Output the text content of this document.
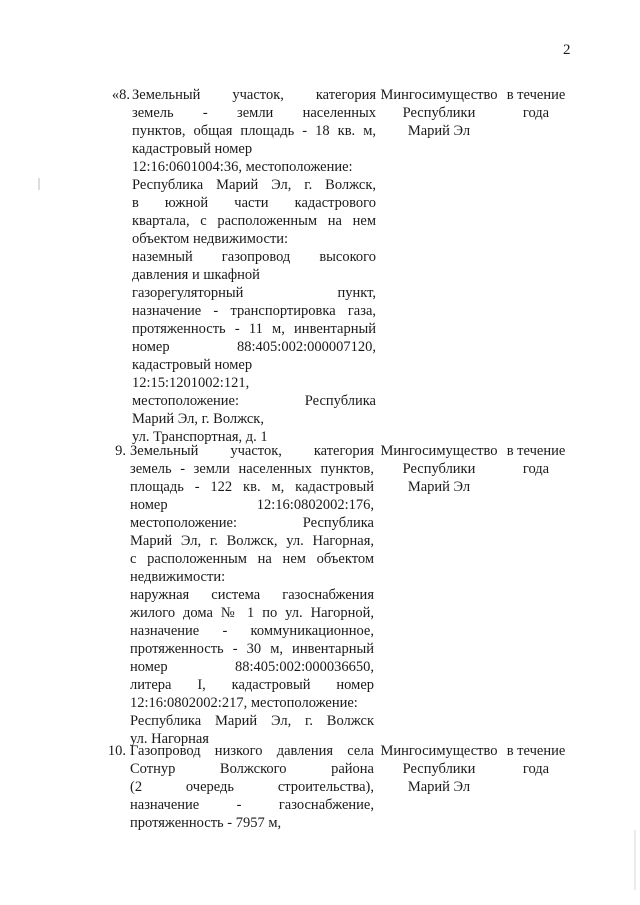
2
«8. Земельный участок, категория
земель - земли населенных
пунктов, общая площадь - 18 кв. м,
кадастровый номер
12:16:0601004:36, местоположение:
Республика Марий Эл, г. Волжск,
в южной части кадастрового
квартала, с расположенным на нем
объектом недвижимости:
наземный газопровод высокого
давления и шкафной
газорегуляторный пункт,
назначение - транспортировка газа,
протяженность - 11 м, инвентарный
номер 88:405:002:000007120,
кадастровый номер
12:15:1201002:121,
местоположение: Республика
Марий Эл, г. Волжск,
ул. Транспортная, д. 1
Мингосимущество
Республики
Марий Эл
в течение
года
9. Земельный участок, категория
земель - земли населенных пунктов,
площадь - 122 кв. м, кадастровый
номер 12:16:0802002:176,
местоположение: Республика
Марий Эл, г. Волжск, ул. Нагорная,
с расположенным на нем объектом
недвижимости:
наружная система газоснабжения
жилого дома № 1 по ул. Нагорной,
назначение - коммуникационное,
протяженность - 30 м, инвентарный
номер 88:405:002:000036650,
литера I, кадастровый номер
12:16:0802002:217, местоположение:
Республика Марий Эл, г. Волжск
ул. Нагорная
Мингосимущество
Республики
Марий Эл
в течение
года
10. Газопровод низкого давления села
Сотнур Волжского района
(2 очередь строительства),
назначение - газоснабжение,
протяженность - 7957 м,
Мингосимущество
Республики
Марий Эл
в течение
года
